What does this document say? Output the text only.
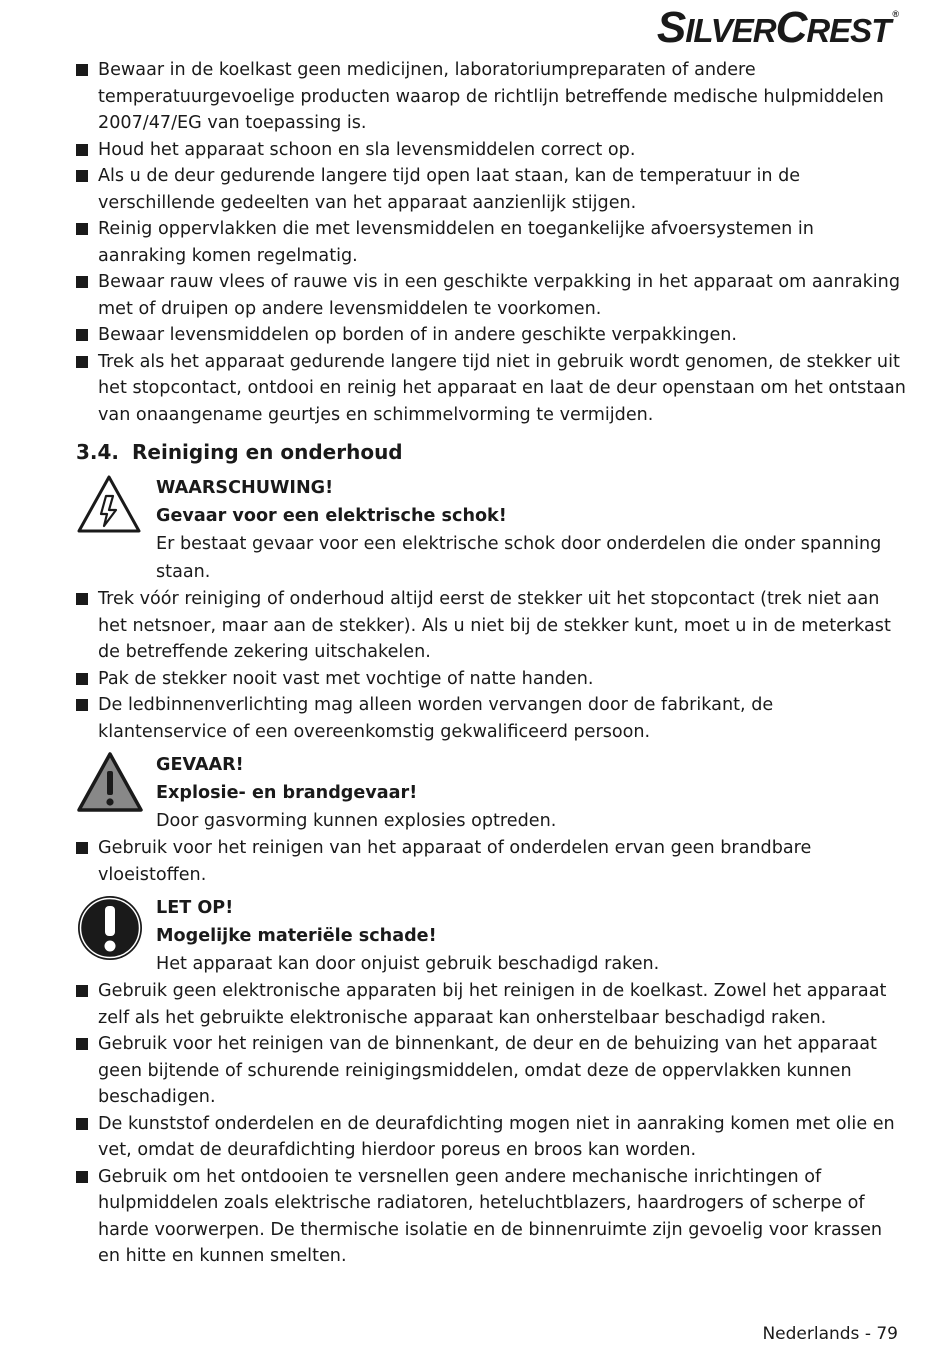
SILVERCREST ®
Bewaar in de koelkast geen medicijnen, laboratoriumpreparaten of andere temperatuurgevoelige producten waarop de richtlijn betreffende medische hulpmiddelen 2007/47/EG van toepassing is.
Houd het apparaat schoon en sla levensmiddelen correct op.
Als u de deur gedurende langere tijd open laat staan, kan de temperatuur in de verschillende gedeelten van het apparaat aanzienlijk stijgen.
Reinig oppervlakken die met levensmiddelen en toegankelijke afvoersystemen in aanraking komen regelmatig.
Bewaar rauw vlees of rauwe vis in een geschikte verpakking in het apparaat om aanraking met of druipen op andere levensmiddelen te voorkomen.
Bewaar levensmiddelen op borden of in andere geschikte verpakkingen.
Trek als het apparaat gedurende langere tijd niet in gebruik wordt genomen, de stekker uit het stopcontact, ontdooi en reinig het apparaat en laat de deur openstaan om het ontstaan van onaangename geurtjes en schimmelvorming te vermijden.
3.4. Reiniging en onderhoud
WAARSCHUWING!
Gevaar voor een elektrische schok!
Er bestaat gevaar voor een elektrische schok door onderdelen die onder spanning staan.
Trek vóór reiniging of onderhoud altijd eerst de stekker uit het stopcontact (trek niet aan het netsnoer, maar aan de stekker). Als u niet bij de stekker kunt, moet u in de meterkast de betreffende zekering uitschakelen.
Pak de stekker nooit vast met vochtige of natte handen.
De ledbinnenverlichting mag alleen worden vervangen door de fabrikant, de klantenservice of een overeenkomstig gekwalificeerd persoon.
GEVAAR!
Explosie- en brandgevaar!
Door gasvorming kunnen explosies optreden.
Gebruik voor het reinigen van het apparaat of onderdelen ervan geen brandbare vloeistoffen.
LET OP!
Mogelijke materiële schade!
Het apparaat kan door onjuist gebruik beschadigd raken.
Gebruik geen elektronische apparaten bij het reinigen in de koelkast. Zowel het apparaat zelf als het gebruikte elektronische apparaat kan onherstelbaar beschadigd raken.
Gebruik voor het reinigen van de binnenkant, de deur en de behuizing van het apparaat geen bijtende of schurende reinigingsmiddelen, omdat deze de oppervlakken kunnen beschadigen.
De kunststof onderdelen en de deurafdichting mogen niet in aanraking komen met olie en vet, omdat de deurafdichting hierdoor poreus en broos kan worden.
Gebruik om het ontdooien te versnellen geen andere mechanische inrichtingen of hulpmiddelen zoals elektrische radiatoren, heteluchtblazers, haardrogers of scherpe of harde voorwerpen. De thermische isolatie en de binnenruimte zijn gevoelig voor krassen en hitte en kunnen smelten.
Nederlands - 79
